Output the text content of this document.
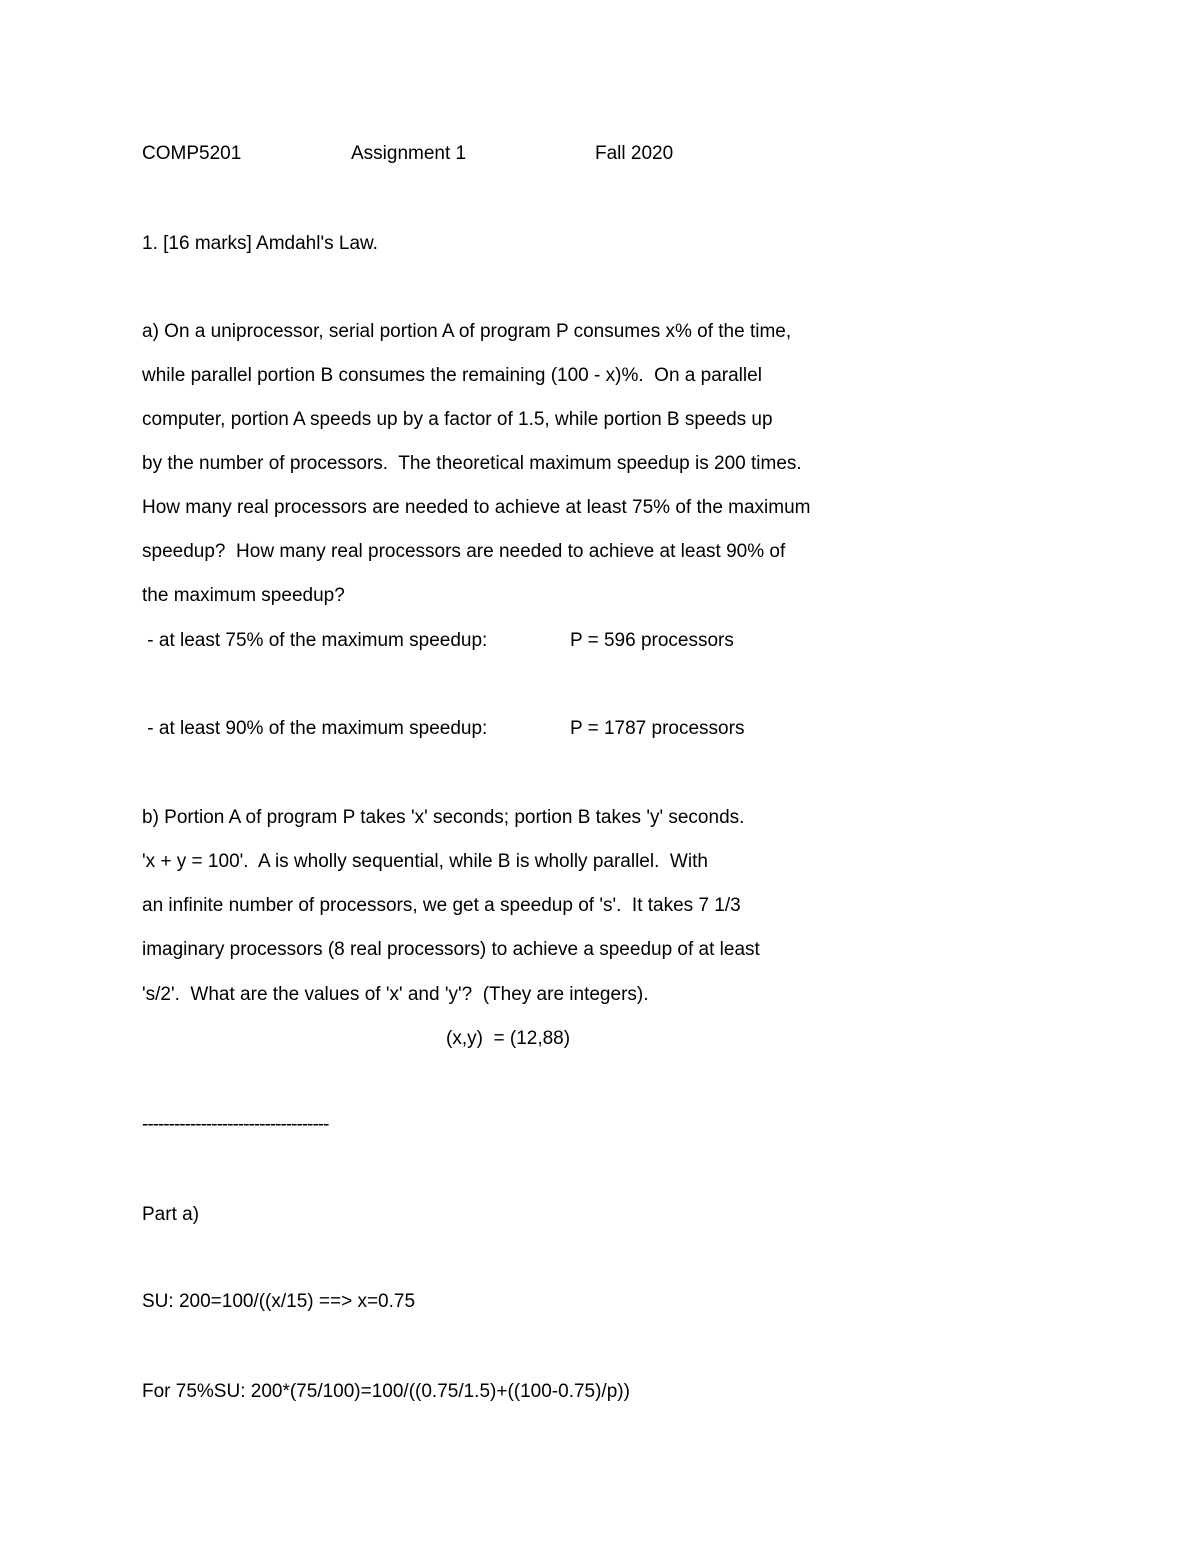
COMP5201	Assignment 1	Fall 2020
1. [16 marks] Amdahl's Law.
a) On a uniprocessor, serial portion A of program P consumes x% of the time,
while parallel portion B consumes the remaining (100 - x)%.  On a parallel
computer, portion A speeds up by a factor of 1.5, while portion B speeds up
by the number of processors.  The theoretical maximum speedup is 200 times.
How many real processors are needed to achieve at least 75% of the maximum
speedup?  How many real processors are needed to achieve at least 90% of
the maximum speedup?
- at least 75% of the maximum speedup:	P = 596 processors
- at least 90% of the maximum speedup:	P = 1787 processors
b) Portion A of program P takes 'x' seconds; portion B takes 'y' seconds.
'x + y = 100'.  A is wholly sequential, while B is wholly parallel.  With
an infinite number of processors, we get a speedup of 's'.  It takes 7 1/3
imaginary processors (8 real processors) to achieve a speedup of at least
's/2'.  What are the values of 'x' and 'y'?  (They are integers).
(x,y)  = (12,88)
-----------------------------------
Part a)
SU: 200=100/((x/15) ==> x=0.75
For 75%SU: 200*(75/100)=100/((0.75/1.5)+((100-0.75)/p))
